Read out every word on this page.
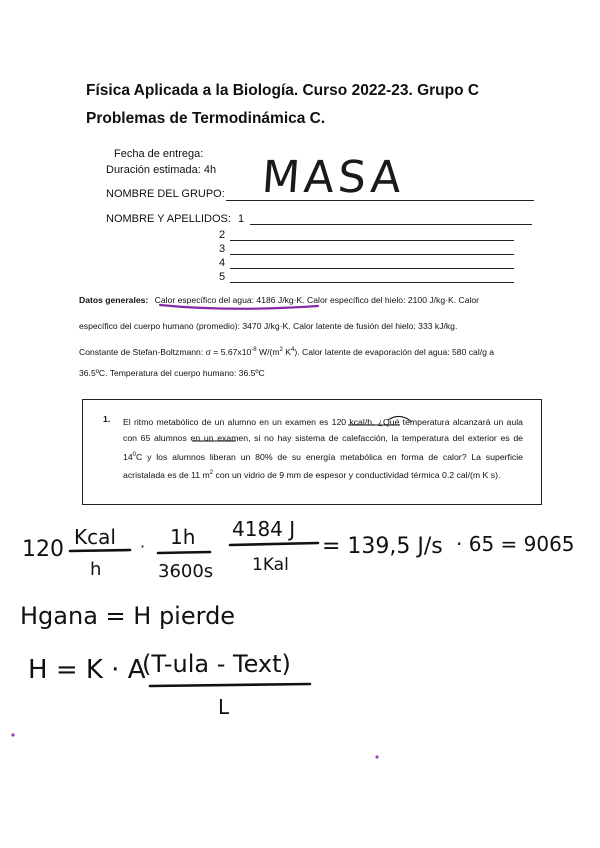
Física Aplicada a la Biología. Curso 2022-23. Grupo C
Problemas de Termodinámica C.
Fecha de entrega:
Duración estimada: 4h
NOMBRE DEL GRUPO: MASA
NOMBRE Y APELLIDOS: 1
2
3
4
5
Datos generales: Calor específico del agua: 4186 J/kg·K. Calor específico del hielo: 2100 J/kg·K. Calor
específico del cuerpo humano (promedio): 3470 J/kg·K. Calor latente de fusión del hielo: 333 kJ/kg.
Constante de Stefan-Boltzmann: $\sigma = 5.67x10^{-8}$ $W/(m^2$ $K^4$). Calor latente de evaporación del agua: 580 cal/g a
36.5ºC. Temperatura del cuerpo humano: 36.5ºC
1. El ritmo metabólico de un alumno en un examen es 120 kcal/h. ¿Qué temperatura alcanzará un aula con 65 alumnos en un examen, si no hay sistema de calefacción, la temperatura del exterior es de $14^0C$ y los alumnos liberan un 80% de su energía metabólica en forma de calor? La superficie acristalada es de 11 $m^2$ con un vidrio de 9 mm de espesor y conductividad térmica 0.2 cal/(m K s).
120 Kcal
h
· 1h
3600s
4184 J
1Kal
= 139,5 J/s · 65 = 9065
Hgana = H pierde
H = K · A
(T-ula - Text)
L
